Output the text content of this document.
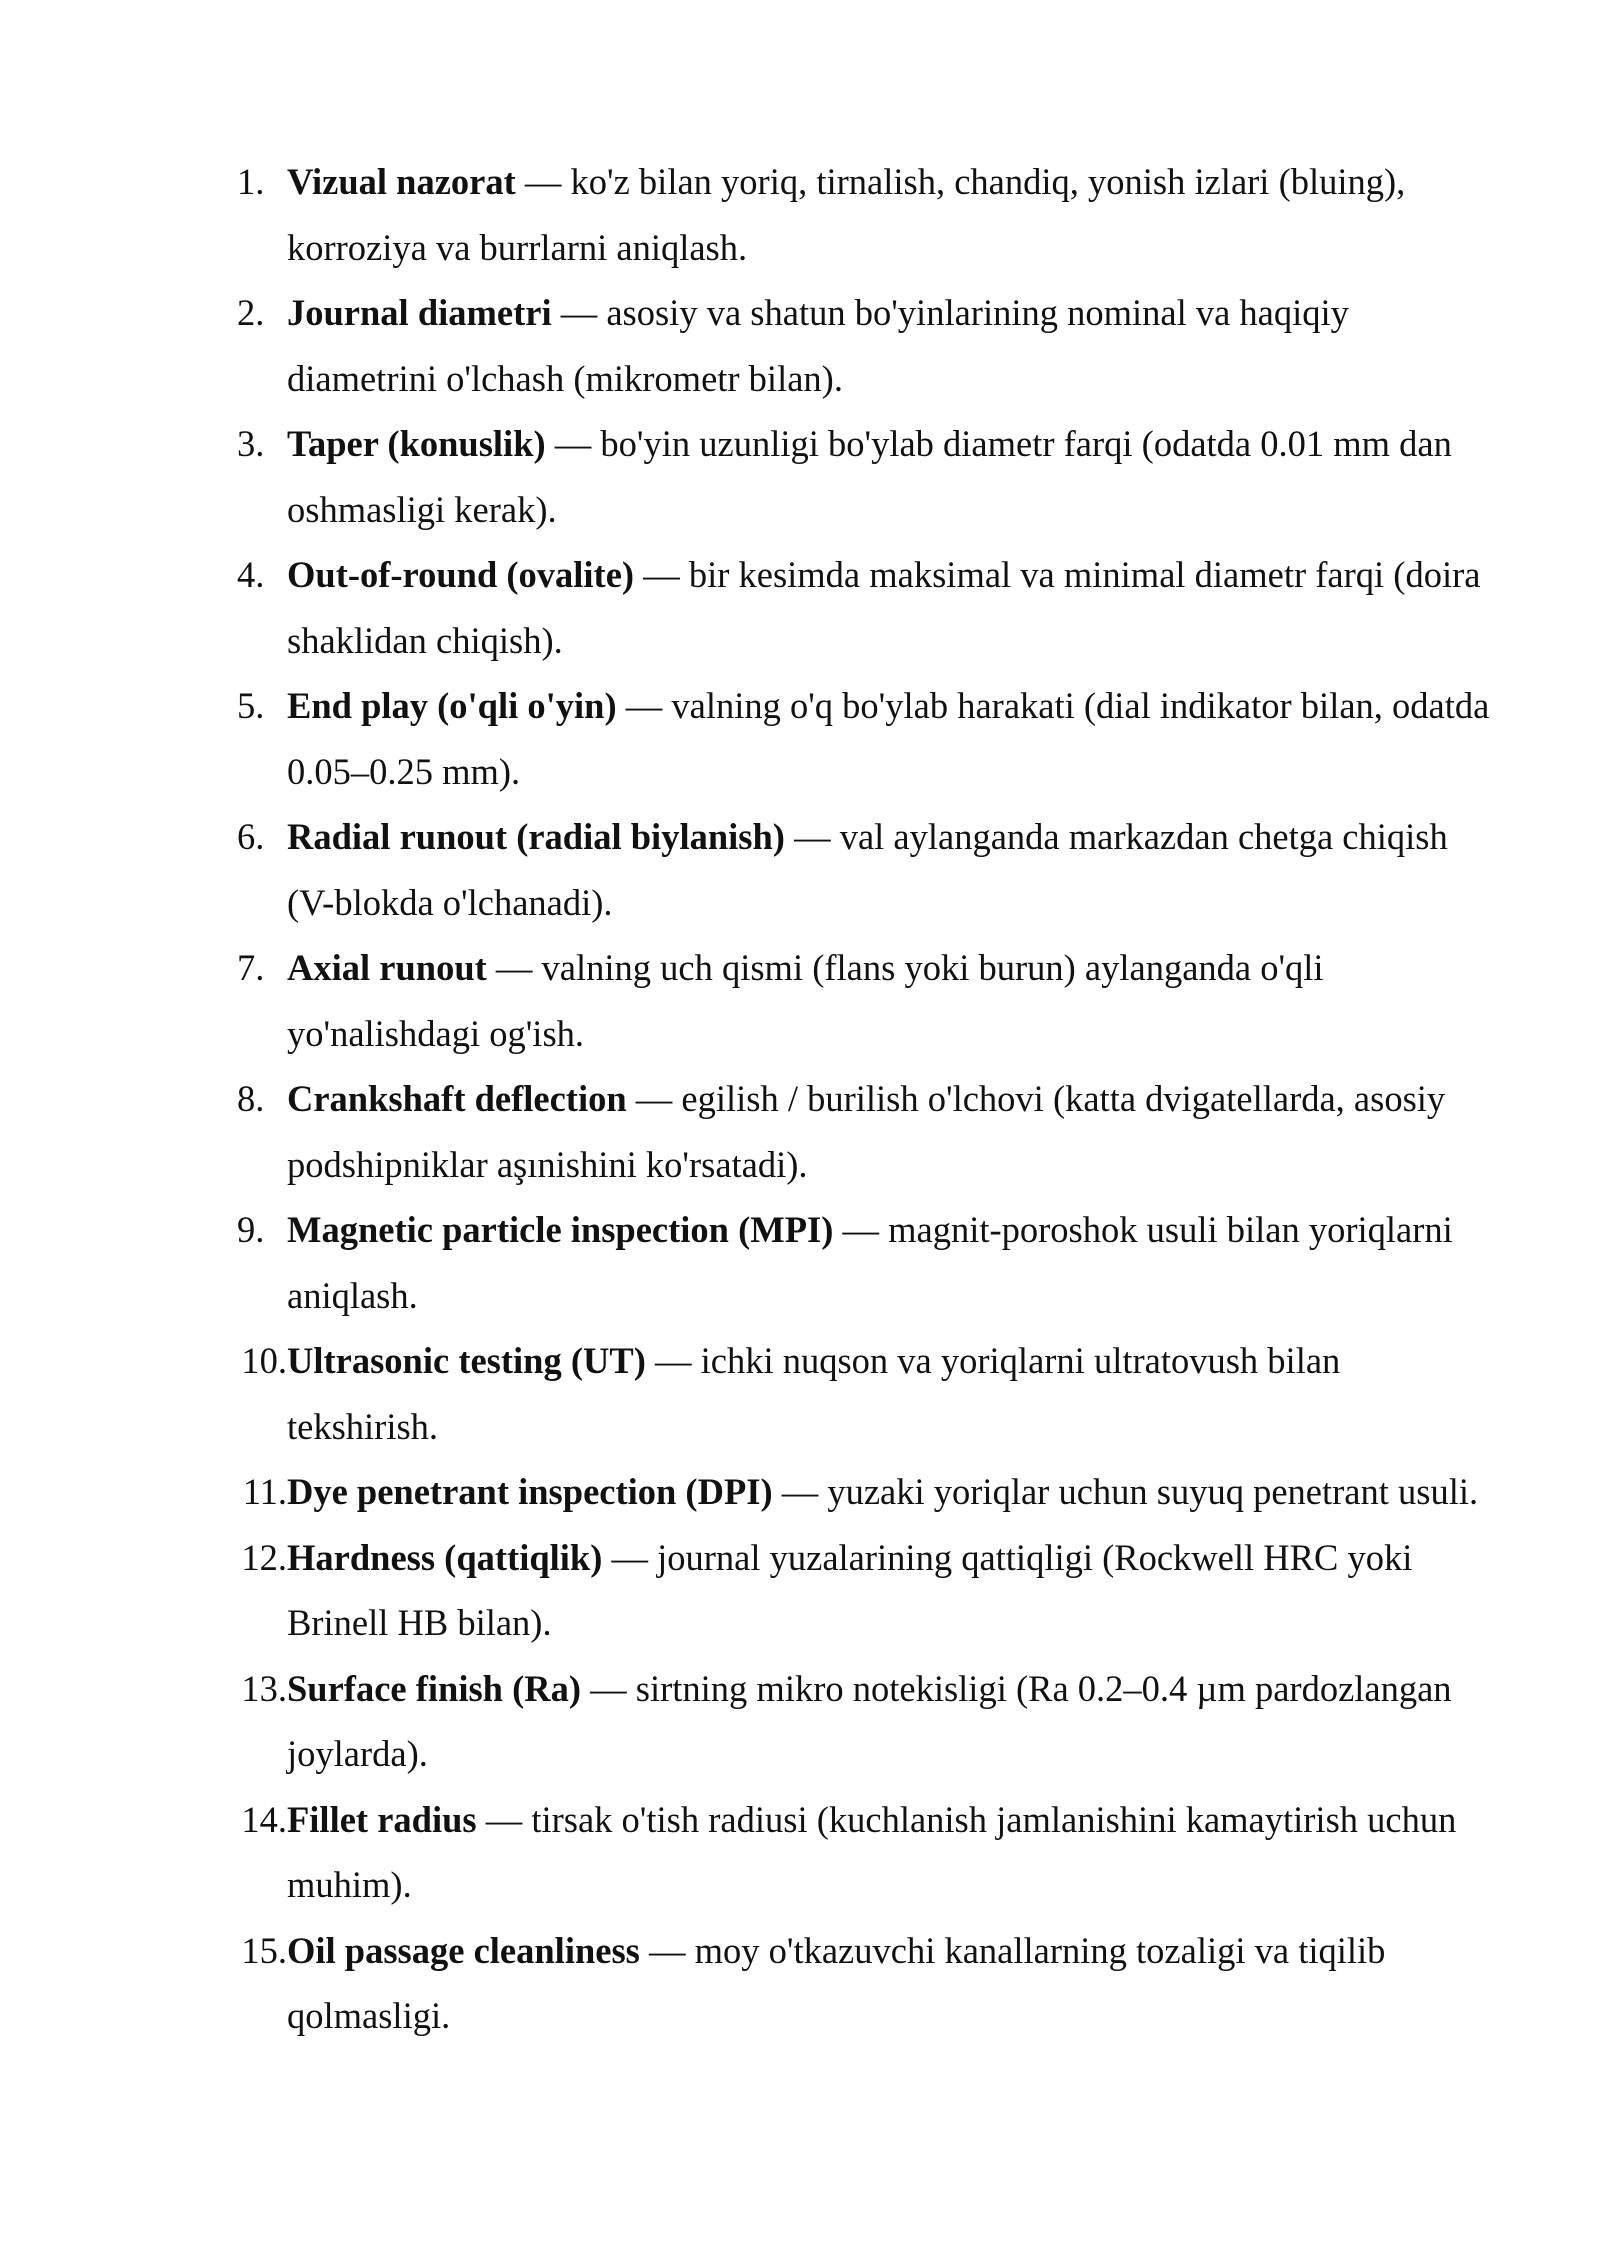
1. Vizual nazorat — ko'z bilan yoriq, tirnalish, chandiq, yonish izlari (bluing), korroziya va burrlarni aniqlash.
2. Journal diametri — asosiy va shatun bo'yinlarining nominal va haqiqiy diametrini o'lchash (mikrometr bilan).
3. Taper (konuslik) — bo'yin uzunligi bo'ylab diametr farqi (odatda 0.01 mm dan oshmasligi kerak).
4. Out-of-round (ovalite) — bir kesimda maksimal va minimal diametr farqi (doira shaklidan chiqish).
5. End play (o'qli o'yin) — valning o'q bo'ylab harakati (dial indikator bilan, odatda 0.05–0.25 mm).
6. Radial runout (radial biylanish) — val aylanganda markazdan chetga chiqish (V-blokda o'lchanadi).
7. Axial runout — valning uch qismi (flans yoki burun) aylanganda o'qli yo'nalishdagi og'ish.
8. Crankshaft deflection — egilish / burilish o'lchovi (katta dvigatellarda, asosiy podshipniklar aşınishini ko'rsatadi).
9. Magnetic particle inspection (MPI) — magnit-poroshok usuli bilan yoriqlarni aniqlash.
10. Ultrasonic testing (UT) — ichki nuqson va yoriqlarni ultratovush bilan tekshirish.
11. Dye penetrant inspection (DPI) — yuzaki yoriqlar uchun suyuq penetrant usuli.
12. Hardness (qattiqlik) — journal yuzalarining qattiqligi (Rockwell HRC yoki Brinell HB bilan).
13. Surface finish (Ra) — sirtning mikro notekisligi (Ra 0.2–0.4 µm pardozlangan joylarda).
14. Fillet radius — tirsak o'tish radiusi (kuchlanish jamlanishini kamaytirish uchun muhim).
15. Oil passage cleanliness — moy o'tkazuvchi kanallarning tozaligi va tiqilib qolmasligi.
